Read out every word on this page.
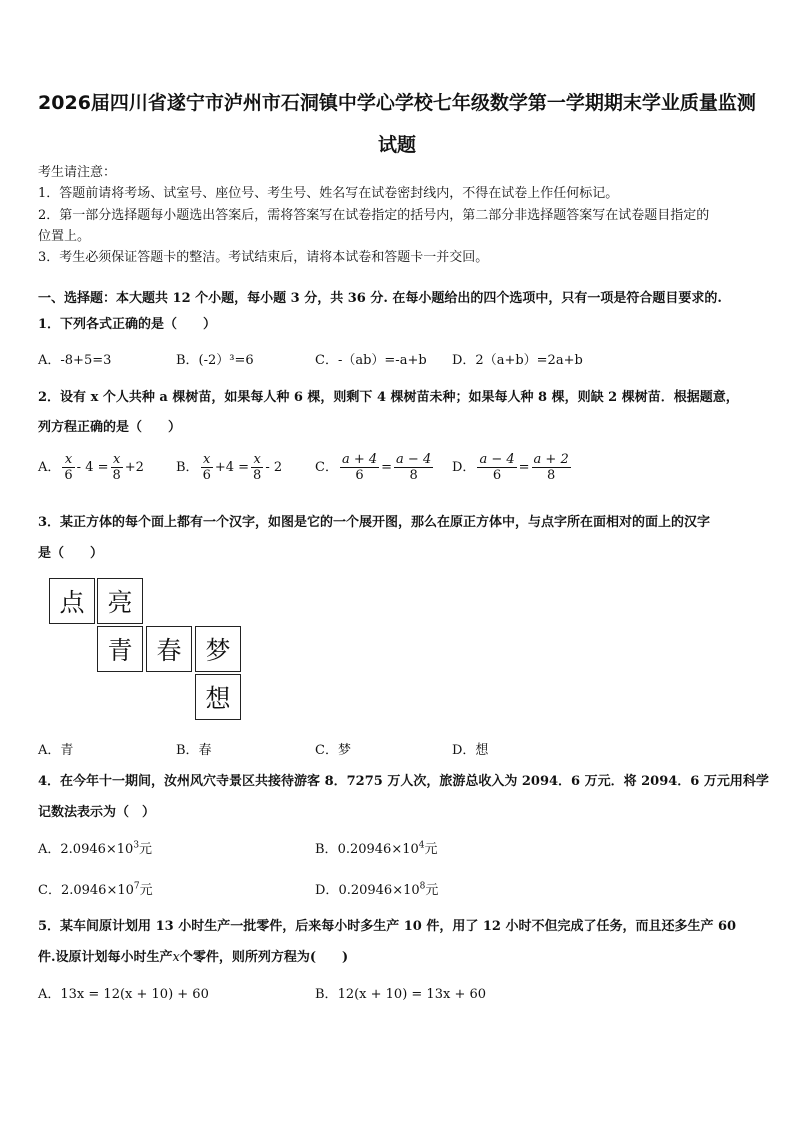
2026届四川省遂宁市泸州市石洞镇中学心学校七年级数学第一学期期末学业质量监测
试题
考生请注意：
1．答题前请将考场、试室号、座位号、考生号、姓名写在试卷密封线内，不得在试卷上作任何标记。
2．第一部分选择题每小题选出答案后，需将答案写在试卷指定的括号内，第二部分非选择题答案写在试卷题目指定的
位置上。
3．考生必须保证答题卡的整洁。考试结束后，请将本试卷和答题卡一并交回。
一、选择题：本大题共 12 个小题，每小题 3 分，共 36 分. 在每小题给出的四个选项中，只有一项是符合题目要求的.
1．下列各式正确的是（　　）
A．-8+5=3	B．(-2）³=6	C．-（ab）=-a+b D．2（a+b）=2a+b
2．设有 x 个人共种 a 棵树苗，如果每人种 6 棵，则剩下 4 棵树苗未种；如果每人种 8 棵，则缺 2 棵树苗．根据题意，
列方程正确的是（　　）
A． $\frac{x}{6} - 4 = \frac{x}{8} +2$ B． $\frac{x}{6} +4 = \frac{x}{8} - 2$	C． $\frac{a + 4}{6} = \frac{a - 4}{8}$ D． $\frac{a - 4}{6} = \frac{a + 2}{8}$
3．某正方体的每个面上都有一个汉字，如图是它的一个展开图，那么在原正方体中，与点字所在面相对的面上的汉字
是（　　）
点 亮
青 春 梦
想
A．青	B．春	C．梦	D．想
4．在今年十一期间，汝州风穴寺景区共接待游客 8．7275 万人次，旅游总收入为 2094．6 万元．将 2094．6 万元用科学
记数法表示为（　）
A．$2.0946\times 10^3$元	B．$0.20946\times 10^4$元
C．$2.0946\times 10^7$元	D．$0.20946\times 10^8$元
5．某车间原计划用 13 小时生产一批零件，后来每小时多生产 10 件，用了 12 小时不但完成了任务，而且还多生产 60
件.设原计划每小时生产x个零件，则所列方程为(　　)
A．13x = 12(x + 10) + 60	B．12(x + 10) = 13x + 60
